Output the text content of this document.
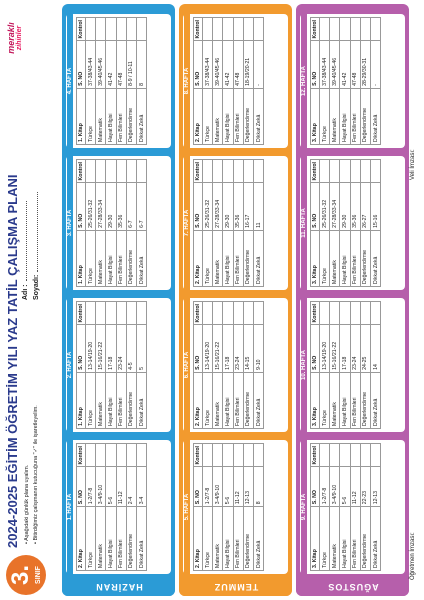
3. SINIF
2024-2025 EĞİTİM ÖĞRETİM YILI YAZ TATİL ÇALIŞMA PLANI • Aşağıdaki günlük plana uyalım. • Bitirdiğimiz çalışmanın kutucuğuna "✓" ile işaretleyelim.
Adı : Soyadı:
meraklı zihinler
HAZİRAN
1. HAFTA
2. Kitap	S. NO	Kontrol
Türkçe	1-2/7-8	
Matematik	3-4/9-10	
Hayat Bilgisi	5-6	
Fen Bilimleri	11-12	
Değerlendirme	2-4	
Dikkat Zekâ	3-4	
2. HAFTA
1. Kitap	S. NO	Kontrol
Türkçe	13-14/19-20	
Matematik	15-16/21-22	
Hayat Bilgisi	17-18	
Fen Bilimleri	23-24	
Değerlendirme	4-5	
Dikkat Zekâ	5	
3. HAFTA
1. Kitap	S. NO	Kontrol
Türkçe	25-26/31-32	
Matematik	27-28/33-34	
Hayat Bilgisi	29-30	
Fen Bilimleri	35-36	
Değerlendirme	6-7	
Dikkat Zekâ	6-7	
4. HAFTA
1. Kitap	S. NO	Kontrol
Türkçe	37-38/43-44	
Matematik	39-40/45-46	
Hayat Bilgisi	41-42	
Fen Bilimleri	47-48	
Değerlendirme	8-9 / 10-11	
Dikkat Zekâ	8	
TEMMUZ
5. HAFTA
2. Kitap	S. NO	Kontrol
Türkçe	1-2/7-8	
Matematik	3-4/9-10	
Hayat Bilgisi	5-6	
Fen Bilimleri	11-12	
Değerlendirme	12-13	
Dikkat Zekâ	8	
6. HAFTA
2. Kitap	S. NO	Kontrol
Türkçe	13-14/19-20	
Matematik	15-16/21-22	
Hayat Bilgisi	17-18	
Fen Bilimleri	23-24	
Değerlendirme	14-15	
Dikkat Zekâ	9-10	
7. HAFTA
2. Kitap	S. NO	Kontrol
Türkçe	25-26/31-32	
Matematik	27-28/33-34	
Hayat Bilgisi	29-30	
Fen Bilimleri	35-36	
Değerlendirme	16-17	
Dikkat Zekâ	11	
8. HAFTA
2. Kitap	S. NO	Kontrol
Türkçe	37-38/43-44	
Matematik	39-40/45-46	
Hayat Bilgisi	41-42	
Fen Bilimleri	47-48	
Değerlendirme	18-19/20-21	
Dikkat Zekâ	-	
AĞUSTOS
9. HAFTA
3. Kitap	S. NO	Kontrol
Türkçe	1-2/7-8	
Matematik	3-4/9-10	
Hayat Bilgisi	5-6	
Fen Bilimleri	11-12	
Değerlendirme	22-23	
Dikkat Zekâ	12-13	
10. HAFTA
3. Kitap	S. NO	Kontrol
Türkçe	13-14/19-20	
Matematik	15-16/21-22	
Hayat Bilgisi	17-18	
Fen Bilimleri	23-24	
Değerlendirme	24-25	
Dikkat Zekâ	14	
11. HAFTA
3. Kitap	S. NO	Kontrol
Türkçe	25-26/31-32	
Matematik	27-28/33-34	
Hayat Bilgisi	29-30	
Fen Bilimleri	35-36	
Değerlendirme	26-27	
Dikkat Zekâ	15-16	
12. HAFTA
3. Kitap	S. NO	Kontrol
Türkçe	37-38/43-44	
Matematik	39-40/45-46	
Hayat Bilgisi	41-42	
Fen Bilimleri	47-48	
Değerlendirme	28-29/30-31	
Dikkat Zekâ	-	
Öğretmen İmzası:
Veli İmzası:
